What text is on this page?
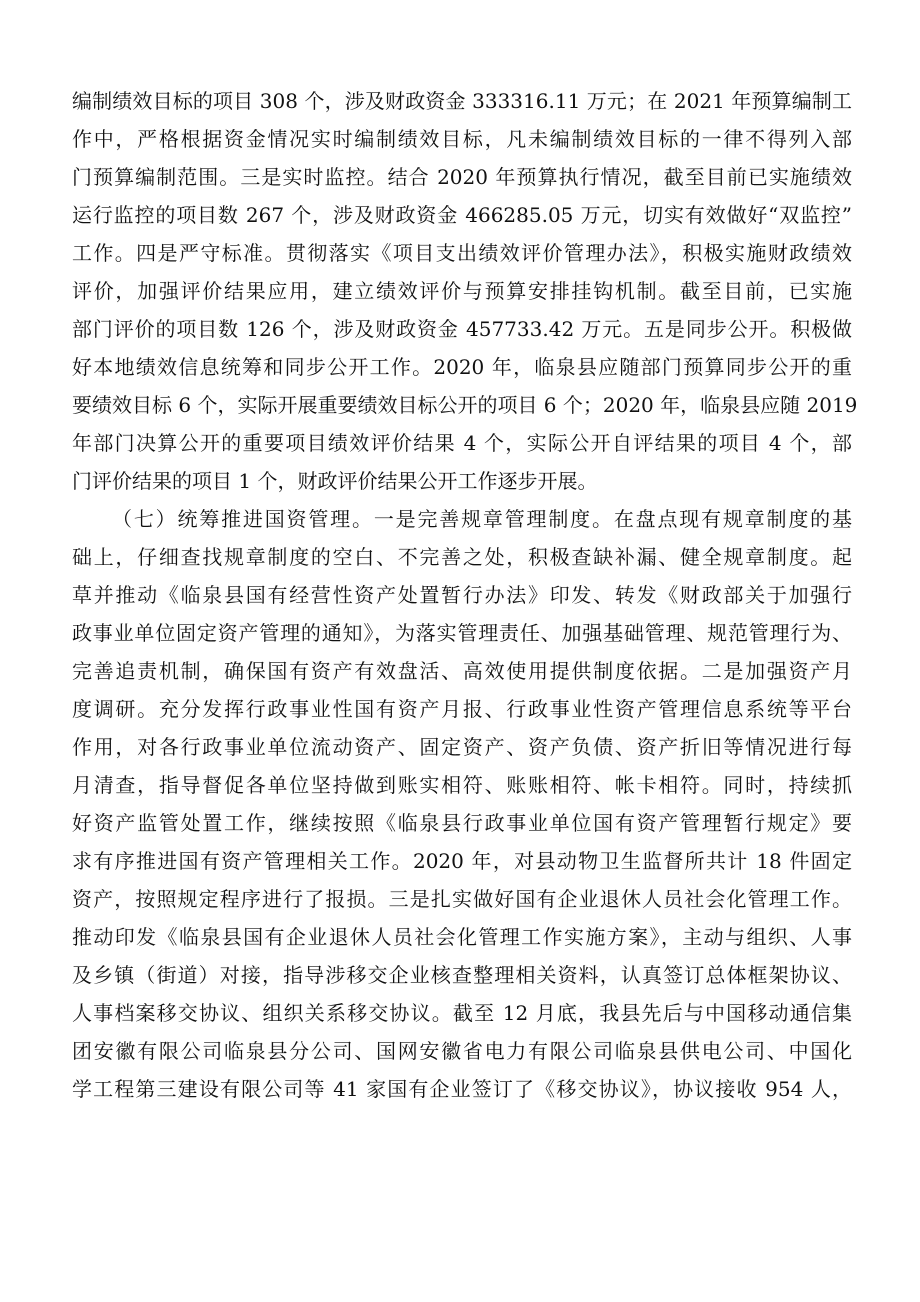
编制绩效目标的项目 308 个，涉及财政资金 333316.11 万元；在 2021 年预算编制工
作中，严格根据资金情况实时编制绩效目标，凡未编制绩效目标的一律不得列入部
门预算编制范围。三是实时监控。结合 2020 年预算执行情况，截至目前已实施绩效
运行监控的项目数 267 个，涉及财政资金 466285.05 万元，切实有效做好“双监控”
工作。四是严守标准。贯彻落实《项目支出绩效评价管理办法》，积极实施财政绩效
评价，加强评价结果应用，建立绩效评价与预算安排挂钩机制。截至目前，已实施
部门评价的项目数 126 个，涉及财政资金 457733.42 万元。五是同步公开。积极做
好本地绩效信息统筹和同步公开工作。2020 年，临泉县应随部门预算同步公开的重
要绩效目标 6 个，实际开展重要绩效目标公开的项目 6 个；2020 年，临泉县应随 2019
年部门决算公开的重要项目绩效评价结果 4 个，实际公开自评结果的项目 4 个，部
门评价结果的项目 1 个，财政评价结果公开工作逐步开展。
（七）统筹推进国资管理。一是完善规章管理制度。在盘点现有规章制度的基
础上，仔细查找规章制度的空白、不完善之处，积极查缺补漏、健全规章制度。起
草并推动《临泉县国有经营性资产处置暂行办法》印发、转发《财政部关于加强行
政事业单位固定资产管理的通知》，为落实管理责任、加强基础管理、规范管理行为、
完善追责机制，确保国有资产有效盘活、高效使用提供制度依据。二是加强资产月
度调研。充分发挥行政事业性国有资产月报、行政事业性资产管理信息系统等平台
作用，对各行政事业单位流动资产、固定资产、资产负债、资产折旧等情况进行每
月清查，指导督促各单位坚持做到账实相符、账账相符、帐卡相符。同时，持续抓
好资产监管处置工作，继续按照《临泉县行政事业单位国有资产管理暂行规定》要
求有序推进国有资产管理相关工作。2020 年，对县动物卫生监督所共计 18 件固定
资产，按照规定程序进行了报损。三是扎实做好国有企业退休人员社会化管理工作。
推动印发《临泉县国有企业退休人员社会化管理工作实施方案》，主动与组织、人事
及乡镇（街道）对接，指导涉移交企业核查整理相关资料，认真签订总体框架协议、
人事档案移交协议、组织关系移交协议。截至 12 月底，我县先后与中国移动通信集
团安徽有限公司临泉县分公司、国网安徽省电力有限公司临泉县供电公司、中国化
学工程第三建设有限公司等 41 家国有企业签订了《移交协议》，协议接收 954 人，
